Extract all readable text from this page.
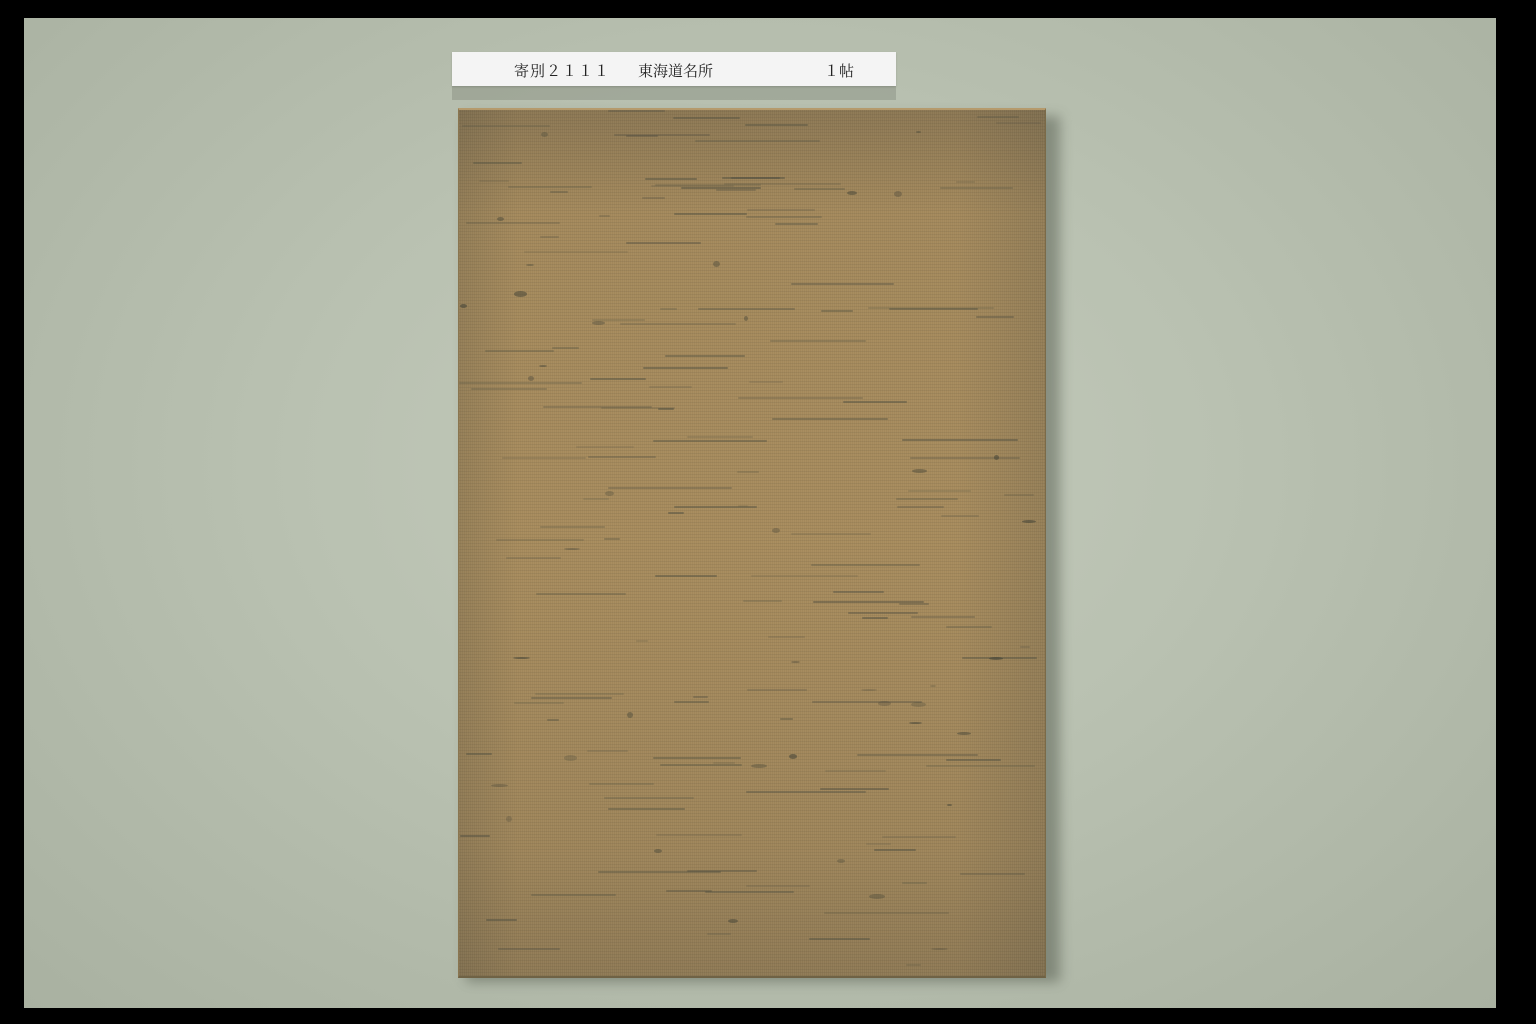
寄別２１１１ 東海道名所	１帖
